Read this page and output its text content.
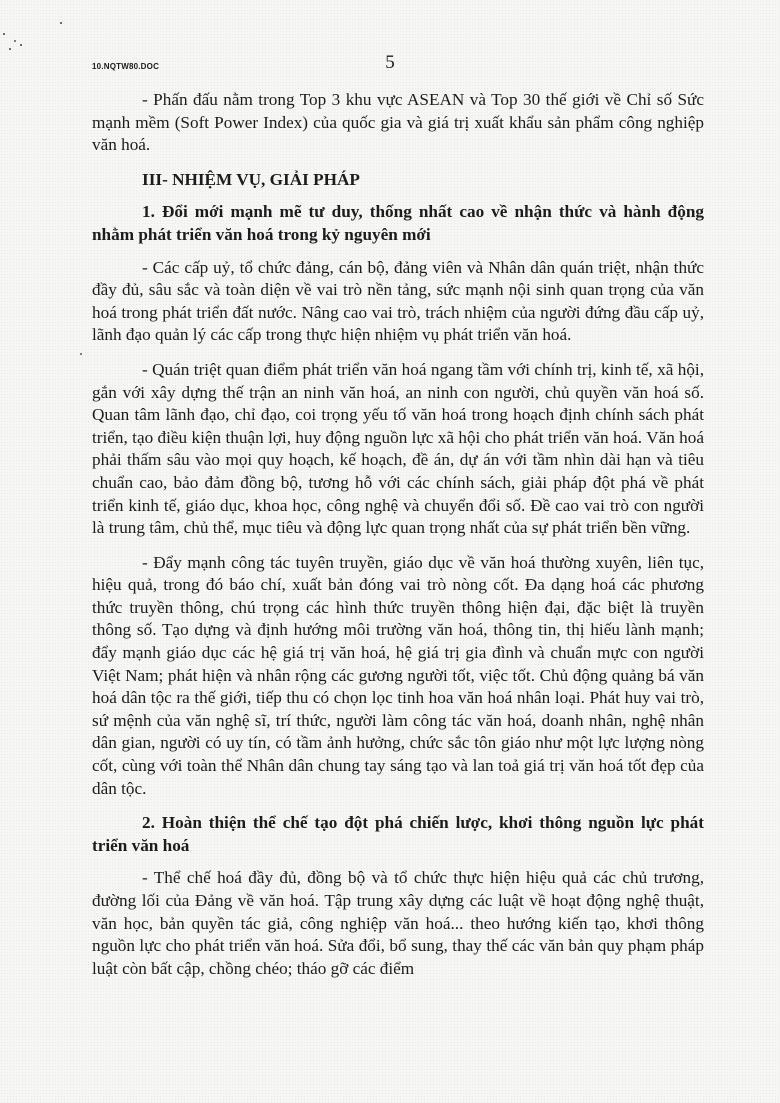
10.NQTW80.DOC	5

- Phấn đấu nằm trong Top 3 khu vực ASEAN và Top 30 thế giới về Chỉ số Sức mạnh mềm (Soft Power Index) của quốc gia và giá trị xuất khẩu sản phẩm công nghiệp văn hoá.

III- NHIỆM VỤ, GIẢI PHÁP
1. Đổi mới mạnh mẽ tư duy, thống nhất cao về nhận thức và hành động nhằm phát triển văn hoá trong kỷ nguyên mới

- Các cấp uỷ, tổ chức đảng, cán bộ, đảng viên và Nhân dân quán triệt, nhận thức đầy đủ, sâu sắc và toàn diện về vai trò nền tảng, sức mạnh nội sinh quan trọng của văn hoá trong phát triển đất nước. Nâng cao vai trò, trách nhiệm của người đứng đầu cấp uỷ, lãnh đạo quản lý các cấp trong thực hiện nhiệm vụ phát triển văn hoá.

- Quán triệt quan điểm phát triển văn hoá ngang tầm với chính trị, kinh tế, xã hội, gắn với xây dựng thế trận an ninh văn hoá, an ninh con người, chủ quyền văn hoá số. Quan tâm lãnh đạo, chỉ đạo, coi trọng yếu tố văn hoá trong hoạch định chính sách phát triển, tạo điều kiện thuận lợi, huy động nguồn lực xã hội cho phát triển văn hoá. Văn hoá phải thấm sâu vào mọi quy hoạch, kế hoạch, đề án, dự án với tầm nhìn dài hạn và tiêu chuẩn cao, bảo đảm đồng bộ, tương hỗ với các chính sách, giải pháp đột phá về phát triển kinh tế, giáo dục, khoa học, công nghệ và chuyển đổi số. Đề cao vai trò con người là trung tâm, chủ thể, mục tiêu và động lực quan trọng nhất của sự phát triển bền vững.

- Đẩy mạnh công tác tuyên truyền, giáo dục về văn hoá thường xuyên, liên tục, hiệu quả, trong đó báo chí, xuất bản đóng vai trò nòng cốt. Đa dạng hoá các phương thức truyền thông, chú trọng các hình thức truyền thông hiện đại, đặc biệt là truyền thông số. Tạo dựng và định hướng môi trường văn hoá, thông tin, thị hiếu lành mạnh; đẩy mạnh giáo dục các hệ giá trị văn hoá, hệ giá trị gia đình và chuẩn mực con người Việt Nam; phát hiện và nhân rộng các gương người tốt, việc tốt. Chủ động quảng bá văn hoá dân tộc ra thế giới, tiếp thu có chọn lọc tinh hoa văn hoá nhân loại. Phát huy vai trò, sứ mệnh của văn nghệ sĩ, trí thức, người làm công tác văn hoá, doanh nhân, nghệ nhân dân gian, người có uy tín, có tầm ảnh hưởng, chức sắc tôn giáo như một lực lượng nòng cốt, cùng với toàn thể Nhân dân chung tay sáng tạo và lan toả giá trị văn hoá tốt đẹp của dân tộc.

2. Hoàn thiện thể chế tạo đột phá chiến lược, khơi thông nguồn lực phát triển văn hoá

- Thể chế hoá đầy đủ, đồng bộ và tổ chức thực hiện hiệu quả các chủ trương, đường lối của Đảng về văn hoá. Tập trung xây dựng các luật về hoạt động nghệ thuật, văn học, bản quyền tác giả, công nghiệp văn hoá... theo hướng kiến tạo, khơi thông nguồn lực cho phát triển văn hoá. Sửa đổi, bổ sung, thay thế các văn bản quy phạm pháp luật còn bất cập, chồng chéo; tháo gỡ các điểm
